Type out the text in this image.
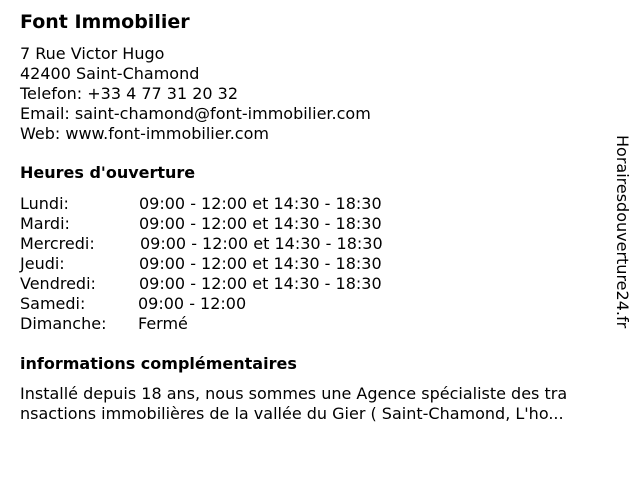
Font Immobilier
7 Rue Victor Hugo
42400 Saint-Chamond
Telefon: +33 4 77 31 20 32
Email: saint-chamond@font-immobilier.com
Web: www.font-immobilier.com
Heures d'ouverture
Lundi:	09:00 - 12:00 et 14:30 - 18:30
Mardi:	09:00 - 12:00 et 14:30 - 18:30
Mercredi:	09:00 - 12:00 et 14:30 - 18:30
Jeudi:	09:00 - 12:00 et 14:30 - 18:30
Vendredi:	09:00 - 12:00 et 14:30 - 18:30
Samedi:	09:00 - 12:00
Dimanche: Fermé
informations complémentaires
Installé depuis 18 ans, nous sommes une Agence spécialiste des tra
nsactions immobilières de la vallée du Gier ( Saint-Chamond, L'ho...
Horairesdouverture24.fr
